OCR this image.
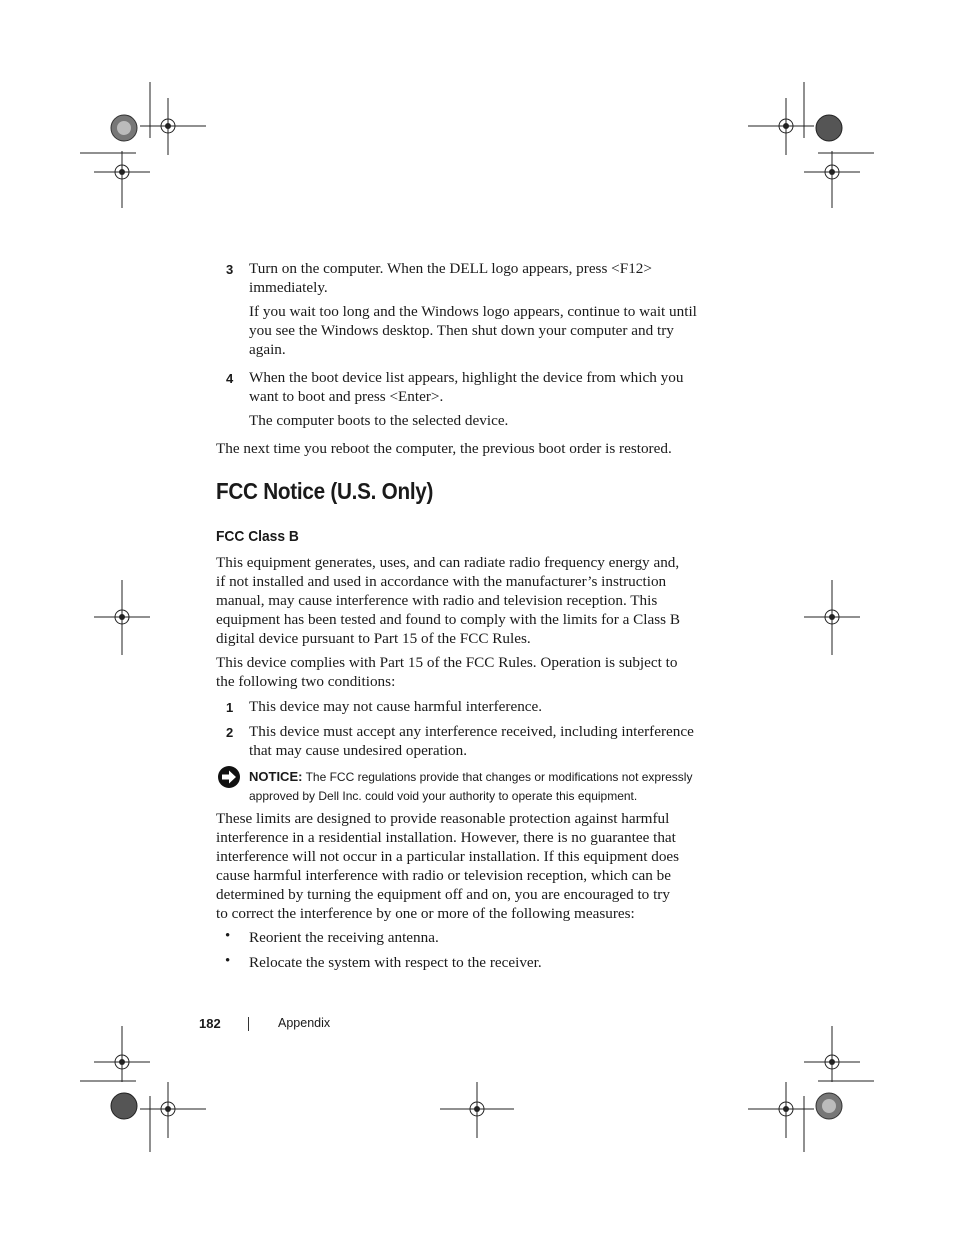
3 Turn on the computer. When the DELL logo appears, press <F12>
immediately.
If you wait too long and the Windows logo appears, continue to wait until
you see the Windows desktop. Then shut down your computer and try
again.
4 When the boot device list appears, highlight the device from which you
want to boot and press <Enter>.
The computer boots to the selected device.
The next time you reboot the computer, the previous boot order is restored.
FCC Notice (U.S. Only)
FCC Class B
This equipment generates, uses, and can radiate radio frequency energy and,
if not installed and used in accordance with the manufacturer’s instruction
manual, may cause interference with radio and television reception. This
equipment has been tested and found to comply with the limits for a Class B
digital device pursuant to Part 15 of the FCC Rules.
This device complies with Part 15 of the FCC Rules. Operation is subject to
the following two conditions:
1 This device may not cause harmful interference.
2 This device must accept any interference received, including interference
that may cause undesired operation.
NOTICE: The FCC regulations provide that changes or modifications not expressly
approved by Dell Inc. could void your authority to operate this equipment.
These limits are designed to provide reasonable protection against harmful
interference in a residential installation. However, there is no guarantee that
interference will not occur in a particular installation. If this equipment does
cause harmful interference with radio or television reception, which can be
determined by turning the equipment off and on, you are encouraged to try
to correct the interference by one or more of the following measures:
• Reorient the receiving antenna.
• Relocate the system with respect to the receiver.
182	Appendix
